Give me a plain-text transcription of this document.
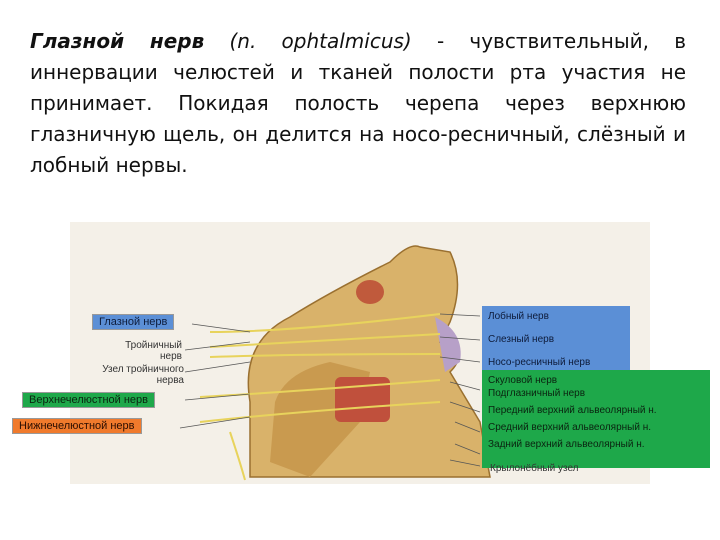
Глазной нерв (n. ophtalmicus) - чувствительный, в иннервации челюстей и тканей полости рта участия не принимает. Покидая полость черепа через верхнюю глазничную щель, он делится на носо-ресничный, слёзный и лобный нервы.
Тройничный нерв
Узел тройничного нерва
Глазной нерв
Верхнечелюстной нерв
Нижнечелюстной нерв
Лобный нерв
Слезный нерв
Носо-ресничный нерв
Скуловой нерв
Подглазничный нерв
Передний верхний альвеолярный н.
Средний верхний альвеолярный н.
Задний верхний альвеолярный н.
Крылонёбный узел
